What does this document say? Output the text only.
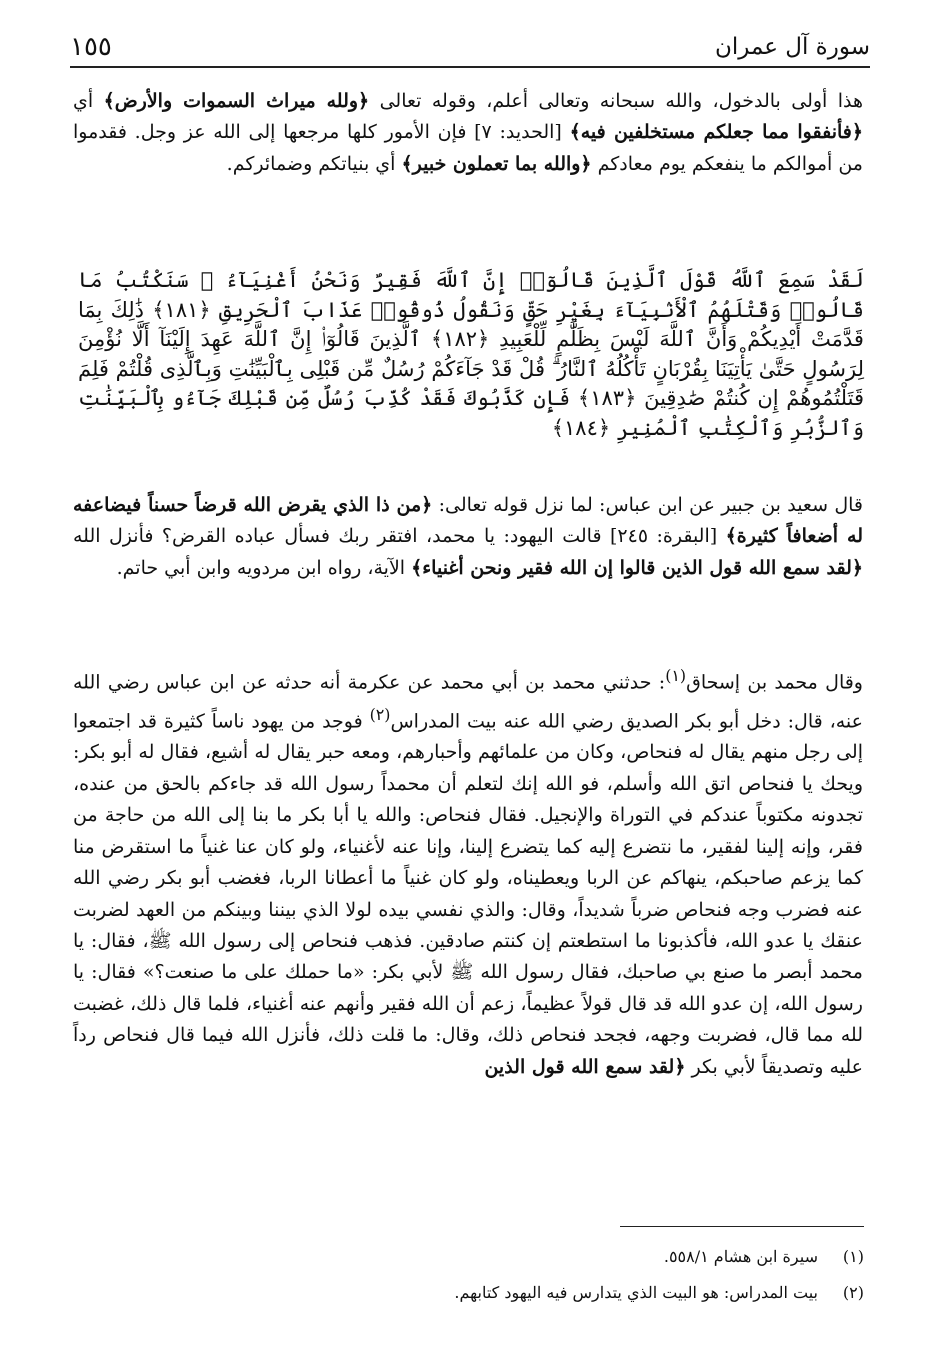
سورة آل عمران
١٥٥

هذا أولى بالدخول، والله سبحانه وتعالى أعلم، وقوله تعالى ﴿ولله ميراث السموات والأرض﴾ أي ﴿فأنفقوا مما جعلكم مستخلفين فيه﴾ [الحديد: ٧] فإن الأمور كلها مرجعها إلى الله عز وجل. فقدموا من أموالكم ما ينفعكم يوم معادكم ﴿والله بما تعملون خبير﴾ أي بنياتكم وضمائركم.

لَقَدْ سَمِعَ ٱللَّهُ قَوْلَ ٱلَّذِينَ قَالُوٓا۟ إِنَّ ٱللَّهَ فَقِيرٌ وَنَحْنُ أَغْنِيَآءُ ۘ سَنَكْتُبُ مَا قَالُوا۟ وَقَتْلَهُمُ ٱلْأَنۢبِيَآءَ بِغَيْرِ حَقٍّ وَنَقُولُ ذُوقُوا۟ عَذَابَ ٱلْحَرِيقِ ﴿١٨١﴾ ذَٰلِكَ بِمَا قَدَّمَتْ أَيْدِيكُمْ وَأَنَّ ٱللَّهَ لَيْسَ بِظَلَّٰمٍ لِّلْعَبِيدِ ﴿١٨٢﴾ ٱلَّذِينَ قَالُوٓا۟ إِنَّ ٱللَّهَ عَهِدَ إِلَيْنَآ أَلَّا نُؤْمِنَ لِرَسُولٍ حَتَّىٰ يَأْتِيَنَا بِقُرْبَانٍ تَأْكُلُهُ ٱلنَّارُ ۗ قُلْ قَدْ جَآءَكُمْ رُسُلٌ مِّن قَبْلِى بِٱلْبَيِّنَٰتِ وَبِٱلَّذِى قُلْتُمْ فَلِمَ قَتَلْتُمُوهُمْ إِن كُنتُمْ صَٰدِقِينَ ﴿١٨٣﴾ فَإِن كَذَّبُوكَ فَقَدْ كُذِّبَ رُسُلٌ مِّن قَبْلِكَ جَآءُو بِٱلْبَيِّنَٰتِ وَٱلزُّبُرِ وَٱلْكِتَٰبِ ٱلْمُنِيرِ ﴿١٨٤﴾

قال سعيد بن جبير عن ابن عباس: لما نزل قوله تعالى: ﴿من ذا الذي يقرض الله قرضاً حسناً فيضاعفه له أضعافاً كثيرة﴾ [البقرة: ٢٤٥] قالت اليهود: يا محمد، افتقر ربك فسأل عباده القرض؟ فأنزل الله ﴿لقد سمع الله قول الذين قالوا إن الله فقير ونحن أغنياء﴾ الآية، رواه ابن مردويه وابن أبي حاتم.

وقال محمد بن إسحاق$^{(١)}$: حدثني محمد بن أبي محمد عن عكرمة أنه حدثه عن ابن عباس رضي الله عنه، قال: دخل أبو بكر الصديق رضي الله عنه بيت المدراس$^{(٢)}$ فوجد من يهود ناساً كثيرة قد اجتمعوا إلى رجل منهم يقال له فنحاص، وكان من علمائهم وأحبارهم، ومعه حبر يقال له أشيع، فقال له أبو بكر: ويحك يا فنحاص اتق الله وأسلم، فو الله إنك لتعلم أن محمداً رسول الله قد جاءكم بالحق من عنده، تجدونه مكتوباً عندكم في التوراة والإنجيل. فقال فنحاص: والله يا أبا بكر ما بنا إلى الله من حاجة من فقر، وإنه إلينا لفقير، ما نتضرع إليه كما يتضرع إلينا، وإنا عنه لأغنياء، ولو كان عنا غنياً ما استقرض منا كما يزعم صاحبكم، ينهاكم عن الربا ويعطيناه، ولو كان غنياً ما أعطانا الربا، فغضب أبو بكر رضي الله عنه فضرب وجه فنحاص ضرباً شديداً، وقال: والذي نفسي بيده لولا الذي بيننا وبينكم من العهد لضربت عنقك يا عدو الله، فأكذبونا ما استطعتم إن كنتم صادقين. فذهب فنحاص إلى رسول الله ﷺ، فقال: يا محمد أبصر ما صنع بي صاحبك، فقال رسول الله ﷺ لأبي بكر: «ما حملك على ما صنعت؟» فقال: يا رسول الله، إن عدو الله قد قال قولاً عظيماً، زعم أن الله فقير وأنهم عنه أغنياء، فلما قال ذلك، غضبت لله مما قال، فضربت وجهه، فجحد فنحاص ذلك، وقال: ما قلت ذلك، فأنزل الله فيما قال فنحاص رداً عليه وتصديقاً لأبي بكر ﴿لقد سمع الله قول الذين

(١)سيرة ابن هشام ٥٥٨/١.
(٢)بيت المدراس: هو البيت الذي يتدارس فيه اليهود كتابهم.
